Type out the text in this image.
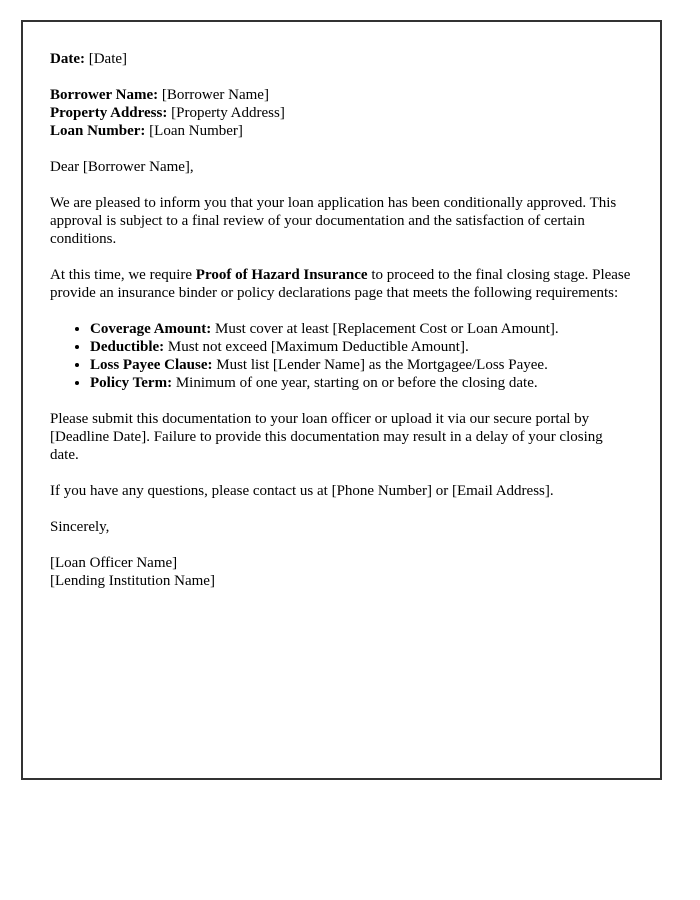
Date: [Date]

Borrower Name: [Borrower Name]

Property Address: [Property Address]

Loan Number: [Loan Number]

Dear [Borrower Name],

We are pleased to inform you that your loan application has been conditionally approved. This approval is subject to a final review of your documentation and the satisfaction of certain conditions.

At this time, we require Proof of Hazard Insurance to proceed to the final closing stage. Please provide an insurance binder or policy declarations page that meets the following requirements:

• Coverage Amount: Must cover at least [Replacement Cost or Loan Amount].
• Deductible: Must not exceed [Maximum Deductible Amount].
• Loss Payee Clause: Must list [Lender Name] as the Mortgagee/Loss Payee.
• Policy Term: Minimum of one year, starting on or before the closing date.

Please submit this documentation to your loan officer or upload it via our secure portal by [Deadline Date]. Failure to provide this documentation may result in a delay of your closing date.

If you have any questions, please contact us at [Phone Number] or [Email Address].

Sincerely,

[Loan Officer Name]

[Lending Institution Name]
